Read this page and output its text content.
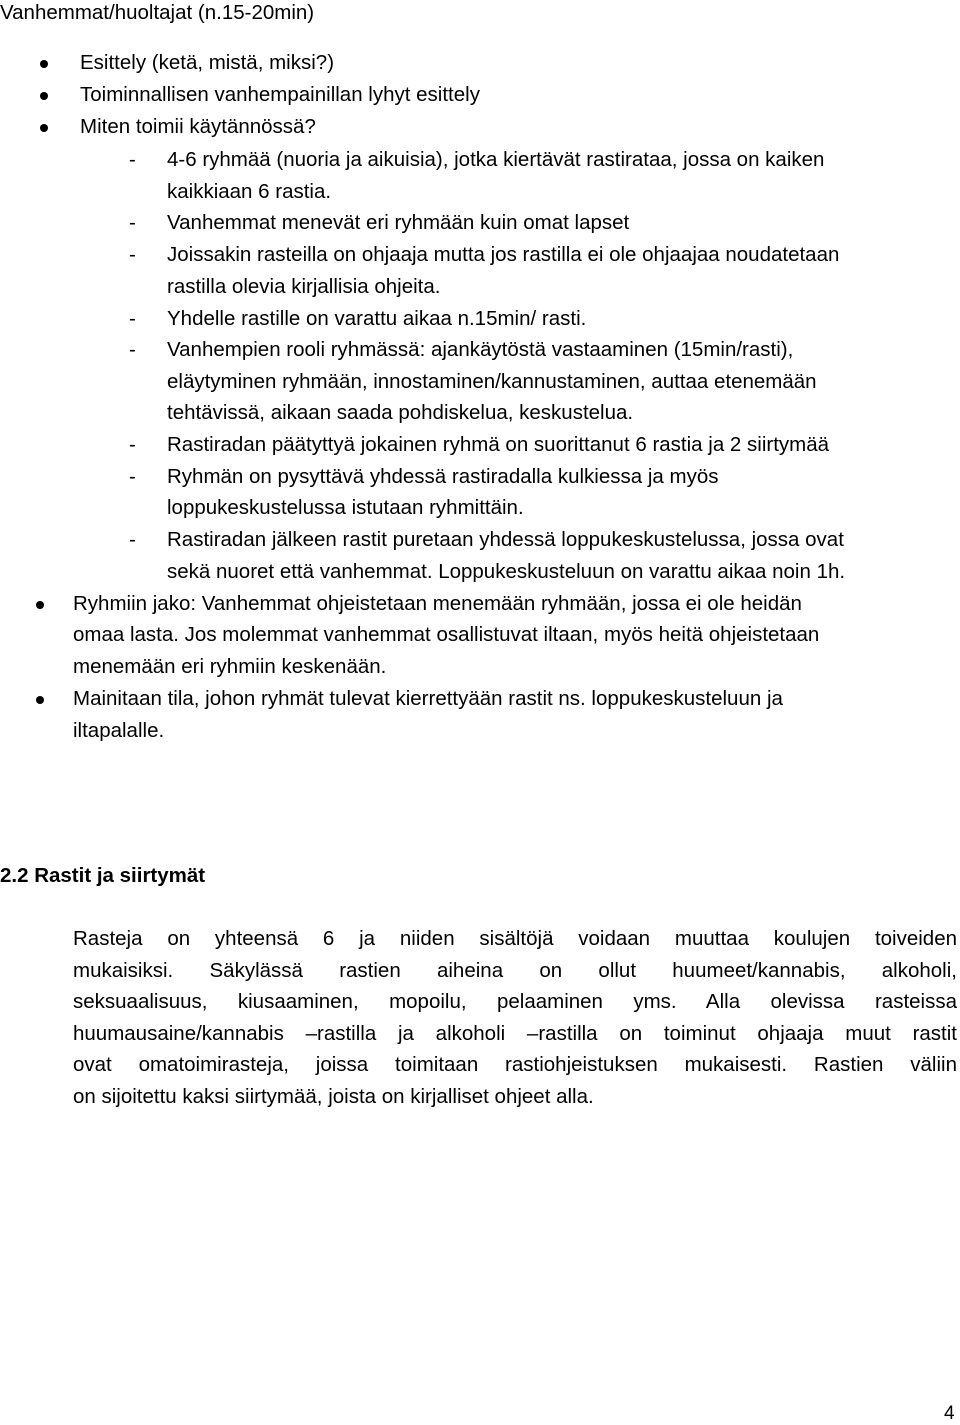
Vanhemmat/huoltajat (n.15-20min)
Esittely (ketä, mistä, miksi?)
Toiminnallisen vanhempainillan lyhyt esittely
Miten toimii käytännössä?
- 4-6 ryhmää (nuoria ja aikuisia), jotka kiertävät rastirataa, jossa on kaiken
kaikkiaan 6 rastia.
- Vanhemmat menevät eri ryhmään kuin omat lapset
- Joissakin rasteilla on ohjaaja mutta jos rastilla ei ole ohjaajaa noudatetaan
rastilla olevia kirjallisia ohjeita.
- Yhdelle rastille on varattu aikaa n.15min/ rasti.
- Vanhempien rooli ryhmässä: ajankäytöstä vastaaminen (15min/rasti),
eläytyminen ryhmään, innostaminen/kannustaminen, auttaa etenemään
tehtävissä, aikaan saada pohdiskelua, keskustelua.
- Rastiradan päätyttyä jokainen ryhmä on suorittanut 6 rastia ja 2 siirtymää
- Ryhmän on pysyttävä yhdessä rastiradalla kulkiessa ja myös
loppukeskustelussa istutaan ryhmittäin.
- Rastiradan jälkeen rastit puretaan yhdessä loppukeskustelussa, jossa ovat
sekä nuoret että vanhemmat. Loppukeskusteluun on varattu aikaa noin 1h.
Ryhmiin jako: Vanhemmat ohjeistetaan menemään ryhmään, jossa ei ole heidän
omaa lasta. Jos molemmat vanhemmat osallistuvat iltaan, myös heitä ohjeistetaan
menemään eri ryhmiin keskenään.
Mainitaan tila, johon ryhmät tulevat kierrettyään rastit ns. loppukeskusteluun ja
iltapalalle.
2.2 Rastit ja siirtymät
Rasteja on yhteensä 6 ja niiden sisältöjä voidaan muuttaa koulujen toiveiden
mukaisiksi. Säkylässä rastien aiheina on ollut huumeet/kannabis, alkoholi,
seksuaalisuus, kiusaaminen, mopoilu, pelaaminen yms. Alla olevissa rasteissa
huumausaine/kannabis –rastilla ja alkoholi –rastilla on toiminut ohjaaja muut rastit
ovat omatoimirasteja, joissa toimitaan rastiohjeistuksen mukaisesti. Rastien väliin
on sijoitettu kaksi siirtymää, joista on kirjalliset ohjeet alla.
4
